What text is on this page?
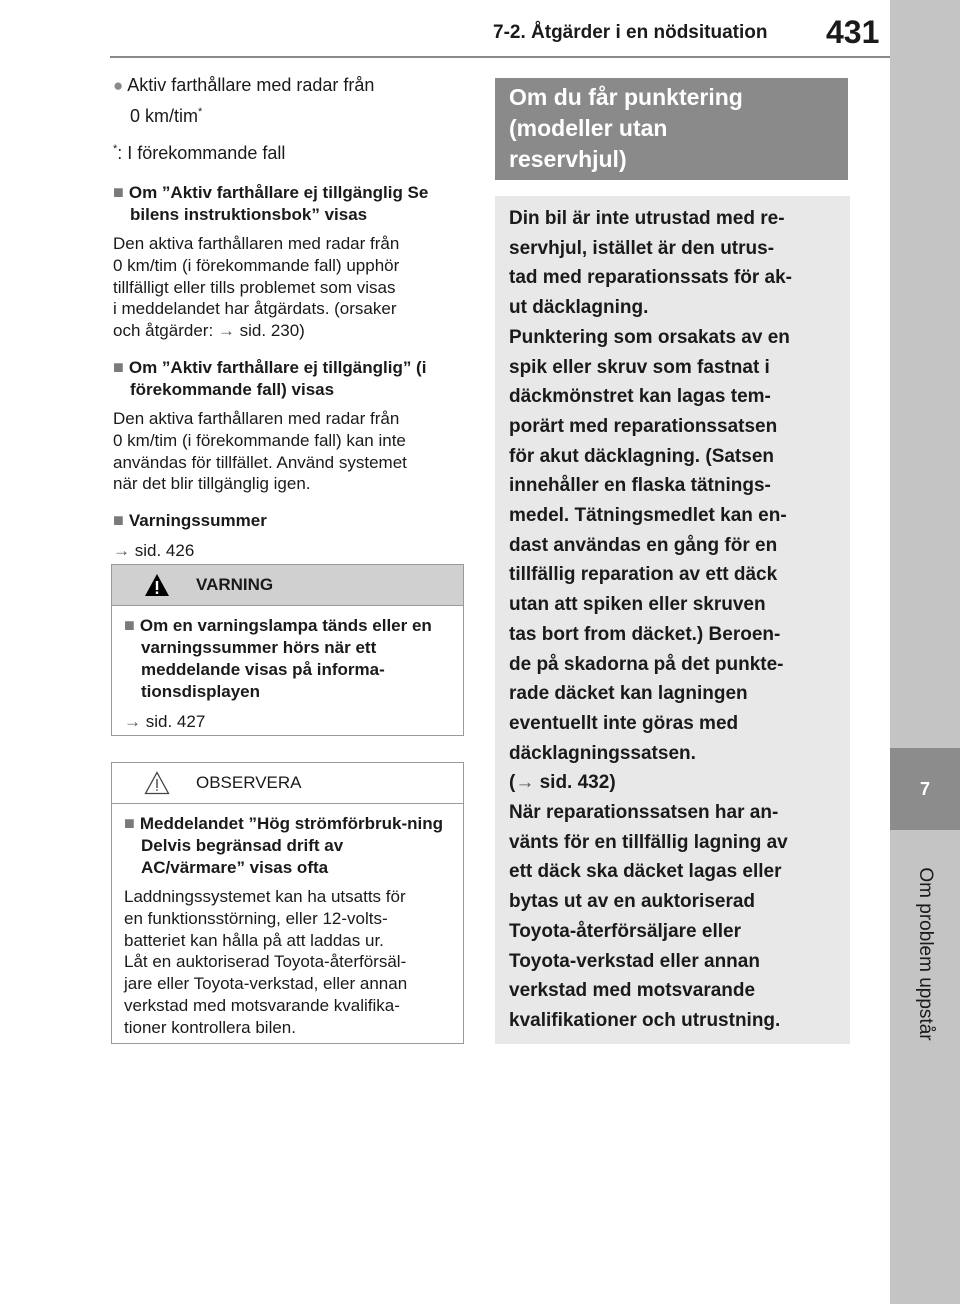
7-2. Åtgärder i en nödsituation 431
7
Om problem uppstår
● Aktiv farthållare med radar från
0 km/tim*
*: I förekommande fall
■ Om ”Aktiv farthållare ej tillgänglig Se bilens instruktionsbok” visas
Den aktiva farthållaren med radar från
0 km/tim (i förekommande fall) upphör
tillfälligt eller tills problemet som visas
i meddelandet har åtgärdats. (orsaker
och åtgärder: → sid. 230)
■ Om ”Aktiv farthållare ej tillgänglig” (i förekommande fall) visas
Den aktiva farthållaren med radar från
0 km/tim (i förekommande fall) kan inte
användas för tillfället. Använd systemet
när det blir tillgänglig igen.
■ Varningssummer
→ sid. 426
VARNING
■ Om en varningslampa tänds eller en varningssummer hörs när ett meddelande visas på informa-tionsdisplayen
→ sid. 427
OBSERVERA
■ Meddelandet ”Hög strömförbruk-ning Delvis begränsad drift av AC/värmare” visas ofta
Laddningssystemet kan ha utsatts för
en funktionsstörning, eller 12-volts-
batteriet kan hålla på att laddas ur.
Låt en auktoriserad Toyota-återförsäl-
jare eller Toyota-verkstad, eller annan
verkstad med motsvarande kvalifika-
tioner kontrollera bilen.
Om du får punktering
(modeller utan
reservhjul)

Din bil är inte utrustad med re-

servhjul, istället är den utrus-

tad med reparationssats för ak-

ut däcklagning.

Punktering som orsakats av en

spik eller skruv som fastnat i

däckmönstret kan lagas tem-

porärt med reparationssatsen

för akut däcklagning. (Satsen

innehåller en flaska tätnings-

medel. Tätningsmedlet kan en-

dast användas en gång för en

tillfällig reparation av ett däck

utan att spiken eller skruven

tas bort from däcket.) Beroen-

de på skadorna på det punkte-

rade däcket kan lagningen

eventuellt inte göras med

däcklagningssatsen.

(→ sid. 432)

När reparationssatsen har an-

vänts för en tillfällig lagning av

ett däck ska däcket lagas eller

bytas ut av en auktoriserad

Toyota-återförsäljare eller

Toyota-verkstad eller annan

verkstad med motsvarande

kvalifikationer och utrustning.
